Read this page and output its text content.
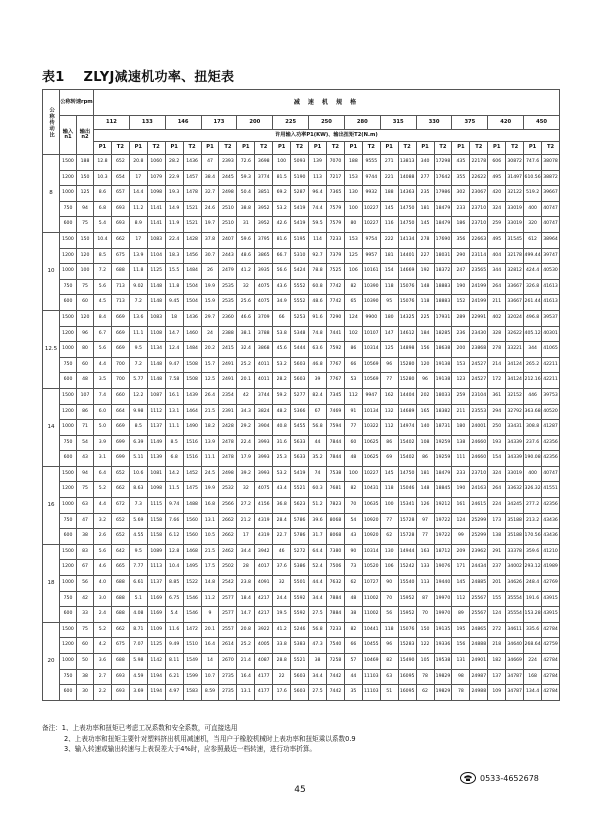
表1 ZLYJ减速机功率、扭矩表
公称传动比	公称转速rpm		减 速 机 规 格																									
	输入n1	输出n2	112		133		146		173		200		225		250		280		315		330		375		420		450	
			许用输入功率P1(KW)、输出扭矩T2(N.m)																									
			P1	T2	P1	T2	P1	T2	P1	T2	P1	T2	P1	T2	P1	T2	P1	T2	P1	T2	P1	T2	P1	T2	P1	T2	P1	T2
8	1500	188	12.8	652	20.8	1060	28.2	1436	47	2393	72.6	3698	100	5093	139	7070	188	9555	271	13813	340	17298	435	22178	606	30872	747.6	38078
	1200	150	10.3	654	17	1079	22.9	1457	38.4	2445	59.3	3774	81.5	5190	113	7217	153	9744	221	14088	277	17642	355	22622	495	31497	610.56	38872
	1000	125	8.6	657	14.4	1098	19.3	1478	32.7	2498	50.4	3851	69.2	5287	96.4	7365	130	9932	188	14363	235	17986	302	23067	420	32122	519.2	39667
	750	94	6.8	693	11.2	1141	14.9	1521	24.6	2510	38.8	3952	53.2	5419	74.4	7579	100	10227	145	14750	181	18479	233	23710	324	33019	400	40747
	600	75	5.4	693	8.9	1141	11.9	1521	19.7	2510	31	3952	42.6	5419	59.5	7579	80	10227	116	14750	145	18479	186	23710	259	33019	320	40747
10	1500	150	10.4	662	17	1083	22.4	1428	37.8	2407	59.6	3795	81.6	5195	114	7233	153	9754	222	14134	278	17690	356	22663	495	31545	612	38964
	1200	120	8.5	675	13.9	1104	18.3	1456	30.7	2443	48.6	3865	66.7	5310	92.7	7379	125	9957	181	14401	227	18031	290	23114	404	32178	499.44	39747
	1000	100	7.2	688	11.8	1125	15.5	1484	26	2479	41.2	3935	56.6	5424	78.8	7525	106	10161	154	14669	192	18372	247	23565	344	32812	424.4	40530
	750	75	5.6	713	9.02	1148	11.8	1504	19.9	2535	32	4075	43.6	5552	60.8	7742	82	10390	118	15076	148	18883	190	24199	264	33667	326.8	41613
	600	60	4.5	713	7.2	1148	9.45	1504	15.9	2535	25.6	4075	34.9	5552	48.6	7742	65	10390	95	15076	118	18883	152	24199	211	33667	261.44	41613
12.5	1500	120	8.4	669	13.6	1083	18	1436	29.7	2360	46.6	3709	66	5253	91.6	7290	124	9900	180	14325	225	17931	289	22991	402	32024	496.8	39537
	1200	96	6.7	669	11.1	1108	14.7	1460	24	2388	38.1	3788	53.8	5348	74.8	7441	102	10107	147	14612	184	18285	236	23430	328	32622	405.12	40301
	1000	80	5.6	669	9.5	1134	12.4	1484	20.2	2415	32.4	3868	45.6	5444	63.6	7592	86	10314	125	14898	156	18638	200	23868	278	33221	344	41065
	750	60	4.4	700	7.2	1148	9.47	1508	15.7	2491	25.2	4011	53.2	5603	46.8	7767	66	10569	96	15280	120	19138	153	24527	214	34124	265.2	42211
	600	48	3.5	700	5.77	1148	7.58	1508	12.5	2491	20.1	4011	28.2	5603	39	7767	53	10569	77	15280	96	19138	123	24527	172	34124	212.16	42211
14	1500	107	7.4	660	12.2	1087	16.1	1439	26.4	2354	42	3744	59.2	5277	82.4	7345	112	9947	162	14404	202	18033	259	23104	361	32152	446	39753
	1200	86	6.0	664	9.98	1112	13.1	1464	21.5	2391	34.3	3824	48.2	5366	67	7469	91	10134	132	14689	165	18382	211	23553	294	32792	363.68	40520
	1000	71	5.0	669	8.5	1137	11.1	1490	18.2	2428	29.2	3904	40.8	5455	56.8	7594	77	10322	112	14974	140	18731	180	24001	250	33431	308.8	41287
	750	54	3.9	699	6.39	1149	8.5	1516	13.9	2478	22.4	3993	31.6	5633	44	7844	60	10625	86	15402	108	19259	138	24660	193	34339	237.6	42356
	600	43	3.1	699	5.11	1139	6.8	1516	11.1	2478	17.9	3993	25.3	5633	35.2	7844	48	10625	69	15402	86	19259	111	24660	154	34339	190.08	42356
16	1500	94	6.4	652	10.6	1081	14.2	1452	24.5	2498	39.2	3993	53.2	5419	74	7538	100	10227	145	14750	181	18479	233	23710	324	33019	400	40747
	1200	75	5.2	662	8.63	1098	11.5	1475	19.9	2532	32	4075	43.4	5521	60.3	7681	82	10431	118	15046	148	18845	190	24163	264	33632	326.32	41551
	1000	63	4.4	672	7.3	1115	9.74	1488	16.8	2566	27.2	4156	36.8	5623	51.2	7823	70	10635	100	15341	126	19212	161	24615	224	34245	277.2	42356
	750	47	3.2	652	5.69	1158	7.66	1560	13.1	2662	21.2	4319	28.4	5786	39.6	8068	54	10920	77	15728	97	19722	124	25299	173	35188	213.2	43436
	600	38	2.6	652	4.55	1158	6.12	1560	10.5	2662	17	4319	22.7	5786	31.7	8068	43	10920	62	15728	77	19722	99	25299	138	35188	170.56	43436
18	1500	83	5.6	642	9.5	1089	12.8	1468	21.5	2462	34.4	3942	46	5272	64.4	7380	90	10314	130	14944	163	18712	209	23962	291	33378	359.6	41210
	1200	67	4.6	665	7.77	1113	10.4	1495	17.5	2502	28	4017	37.6	5386	52.4	7506	73	10520	106	15242	133	19076	171	24434	237	34002	293.12	41989
	1000	56	4.0	688	6.61	1137	8.85	1522	14.8	2542	23.8	4091	32	5501	44.4	7632	62	10727	90	15540	113	19440	145	24885	201	34626	248.4	42769
	750	42	3.0	688	5.1	1169	6.75	1546	11.2	2577	18.4	4217	24.4	5592	34.4	7884	48	11002	70	15952	87	19970	112	25567	155	35554	191.6	43915
	600	33	2.4	688	4.08	1169	5.4	1546	9	2577	14.7	4217	19.5	5592	27.5	7884	38	11002	56	15952	70	19970	89	25567	124	35554	153.28	43915
20	1500	75	5.2	662	8.71	1109	11.6	1472	20.1	2557	20.8	3922	41.2	5246	56.8	7233	82	10441	118	15076	150	19135	195	24865	272	34611	335.6	42784
	1200	60	4.2	675	7.07	1125	9.49	1510	16.4	2614	25.2	4005	33.8	5383	47.3	7540	66	10455	96	15283	122	19336	156	24888	218	34640	268.64	42759
	1000	50	3.6	688	5.98	1142	8.11	1549	14	2670	21.4	4087	28.8	5521	38	7258	57	10469	82	15490	105	19538	131	24901	182	34669	224	42784
	750	38	2.7	693	4.59	1194	6.21	1599	10.7	2735	16.4	4177	22	5603	34.4	7442	44	11103	63	16095	78	19829	98	24987	137	34787	168	42784
	600	30	2.2	693	3.69	1194	4.97	1583	8.59	2735	13.1	4177	17.6	5603	27.5	7442	35	11103	51	16095	62	19829	78	24988	109	34787	134.4	42784
备注：1、上表功率和扭矩已考虑工况系数和安全系数，可直接选用
2、上表功率和扭矩主要针对塑料挤出机用减速机，当用户于橡胶机械时上表功率和扭矩乘以系数0.9
3、输入转速或输出转速与上表误差大于4%时，应参照最近一档转速，进行功率折算。
45
0533-4652678
